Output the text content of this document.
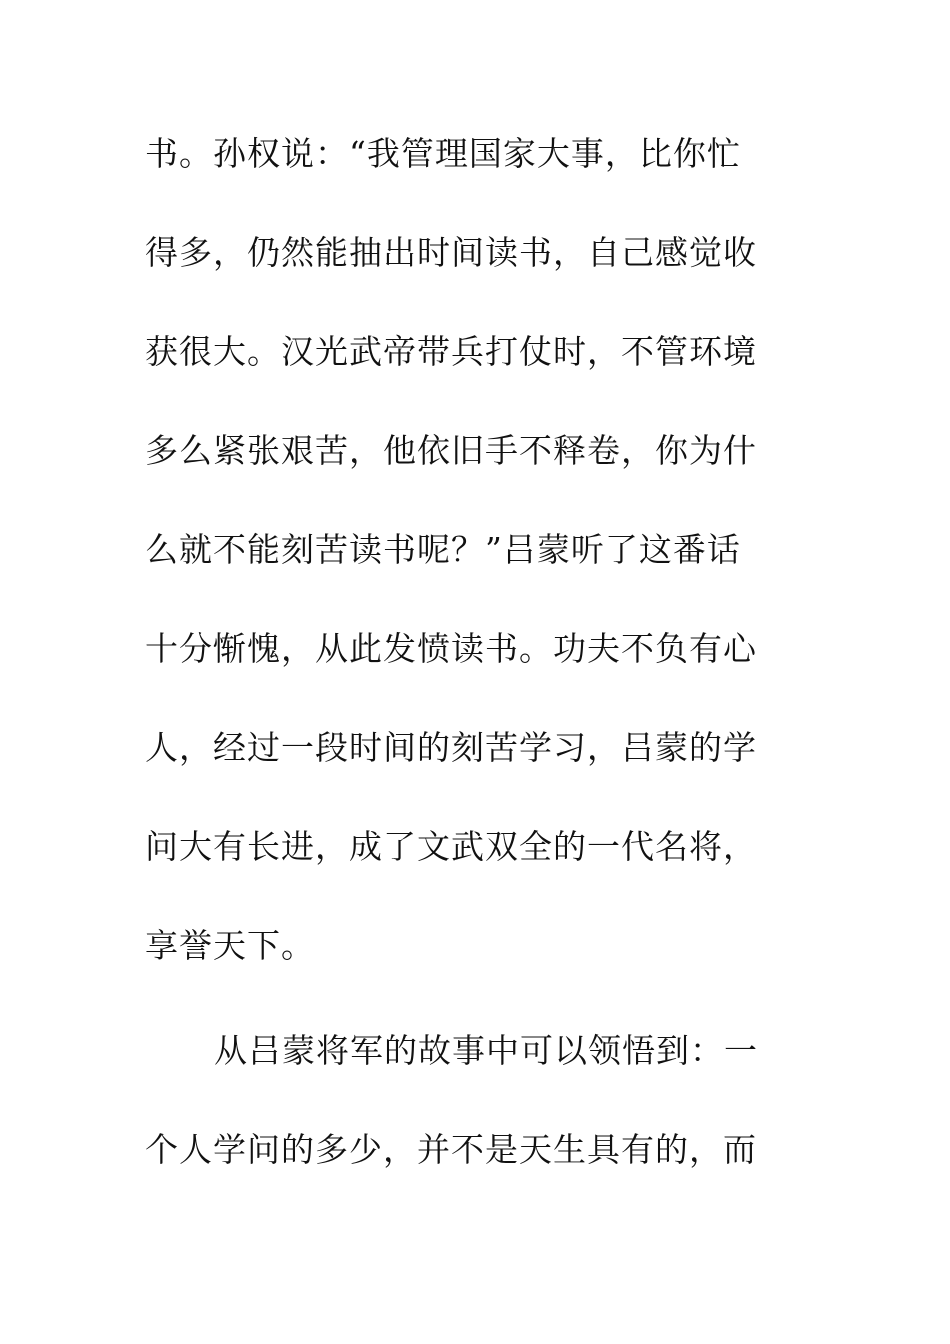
书。孙权说：“我管理国家大事，比你忙
得多，仍然能抽出时间读书，自己感觉收
获很大。汉光武帝带兵打仗时，不管环境
多么紧张艰苦，他依旧手不释卷，你为什
么就不能刻苦读书呢？”吕蒙听了这番话
十分惭愧，从此发愤读书。功夫不负有心
人，经过一段时间的刻苦学习，吕蒙的学
问大有长进，成了文武双全的一代名将，
享誉天下。
从吕蒙将军的故事中可以领悟到：一
个人学问的多少，并不是天生具有的，而
